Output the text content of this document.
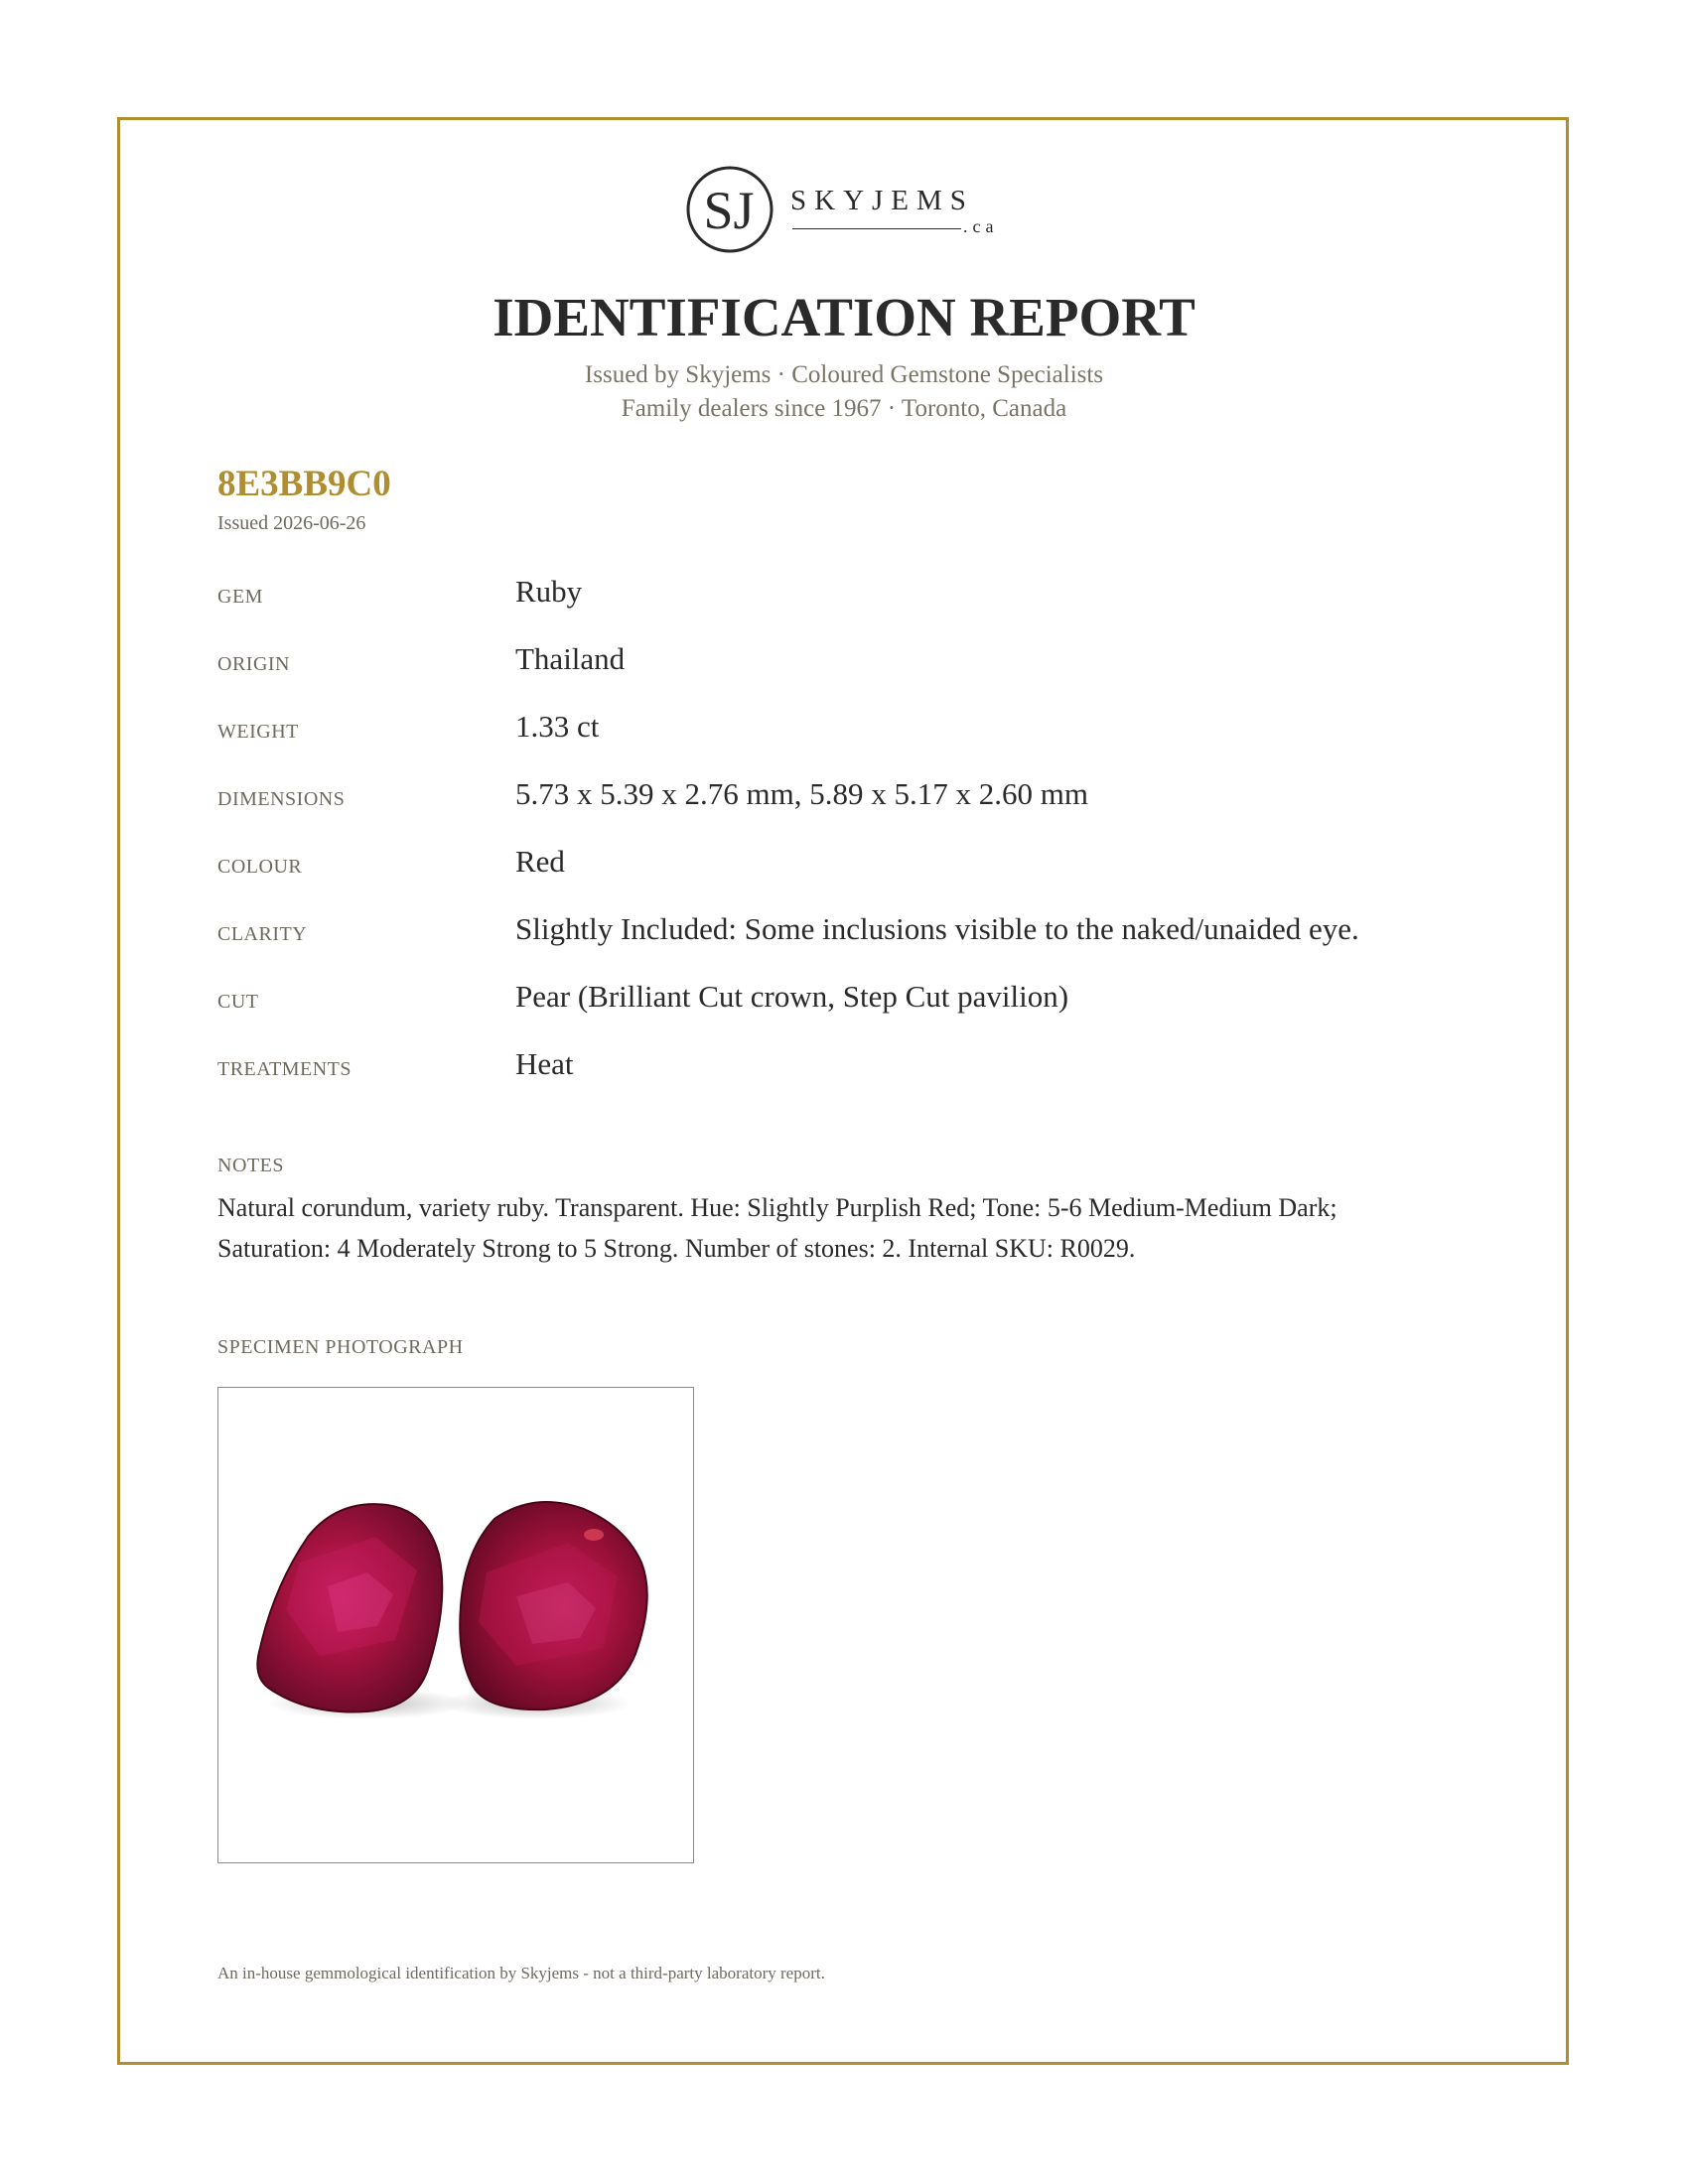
SJ SKYJEMS
.ca
IDENTIFICATION REPORT

Issued by Skyjems · Coloured Gemstone Specialists

Family dealers since 1967 · Toronto, Canada

8E3BB9C0
Issued 2026-06-26
GEM	Ruby
ORIGIN	Thailand
WEIGHT	1.33 ct
DIMENSIONS	5.73 x 5.39 x 2.76 mm, 5.89 x 5.17 x 2.60 mm
COLOUR	Red
CLARITY	Slightly Included: Some inclusions visible to the naked/unaided eye.
CUT	Pear (Brilliant Cut crown, Step Cut pavilion)
TREATMENTS	Heat
NOTES
Natural corundum, variety ruby. Transparent. Hue: Slightly Purplish Red; Tone: 5-6 Medium-Medium Dark; Saturation: 4 Moderately Strong to 5 Strong. Number of stones: 2. Internal SKU: R0029.
SPECIMEN PHOTOGRAPH
An in-house gemmological identification by Skyjems - not a third-party laboratory report.
